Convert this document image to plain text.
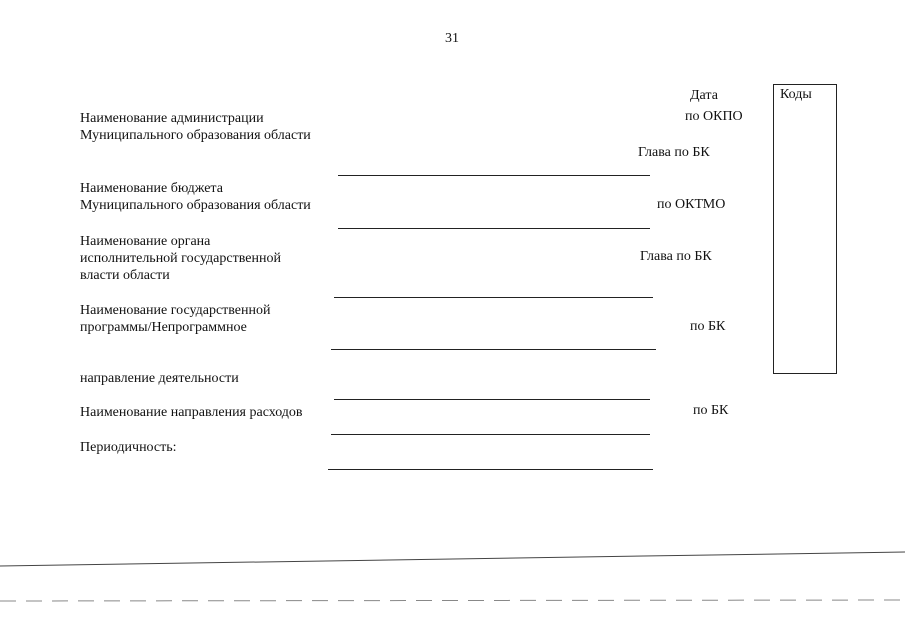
31
Наименование администрации
Муниципального образования области
Наименование бюджета
Муниципального образования области
Наименование органа
исполнительной государственной
власти области
Наименование государственной
программы/Непрограммное
направление деятельности
Наименование направления расходов
Периодичность:
Дата
по ОКПО
Глава по БК
по ОКТМО
Глава по БК
по БК
по БК
Коды
